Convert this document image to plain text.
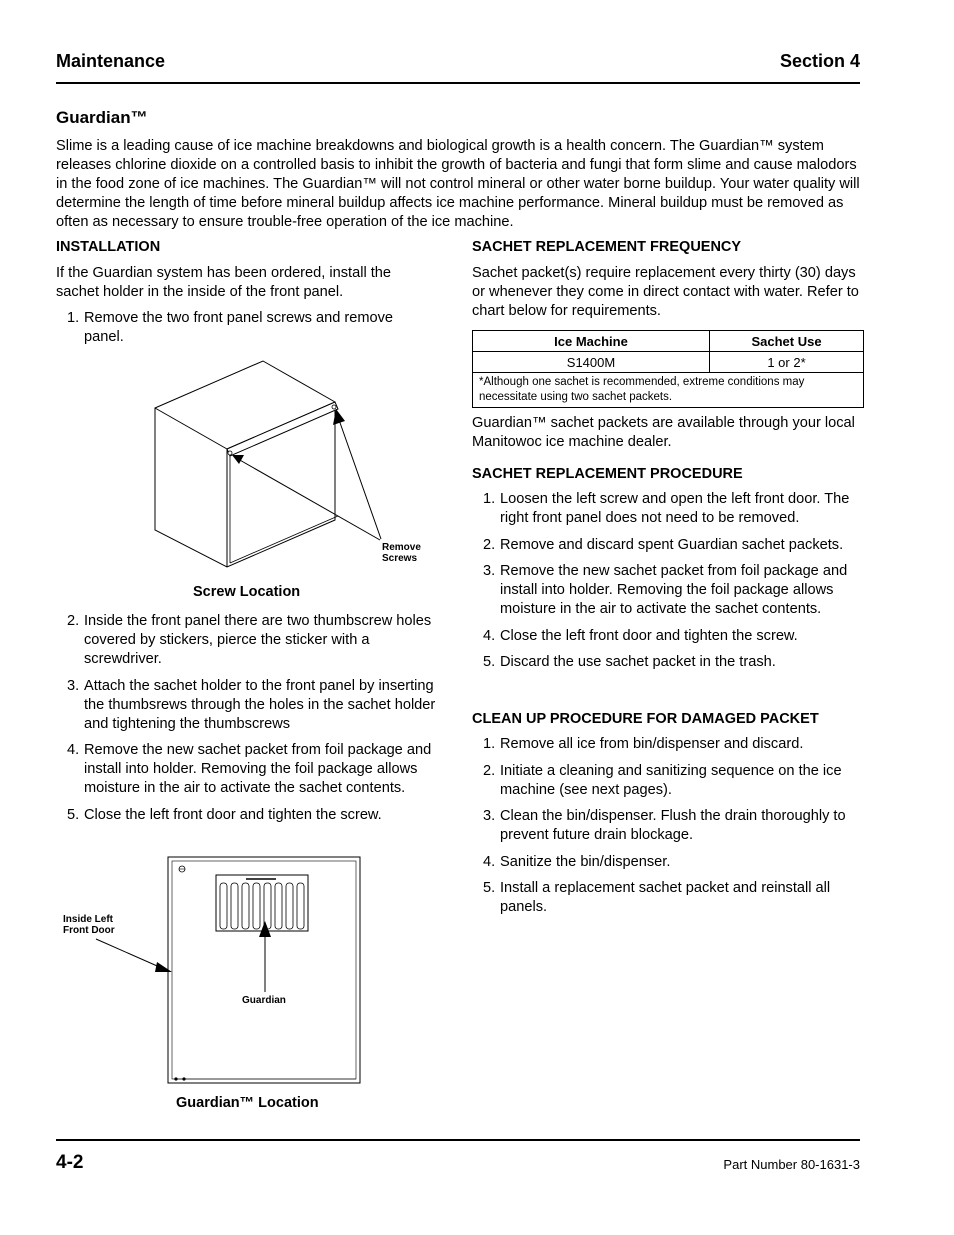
Maintenance	Section 4
Guardian™
Slime is a leading cause of ice machine breakdowns and biological growth is a health concern. The Guardian™ system releases chlorine dioxide on a controlled basis to inhibit the growth of bacteria and fungi that form slime and cause malodors in the food zone of ice machines. The Guardian™ will not control mineral or other water borne buildup. Your water quality will determine the length of time before mineral buildup affects ice machine performance. Mineral buildup must be removed as often as necessary to ensure trouble-free operation of the ice machine.
INSTALLATION
If the Guardian system has been ordered, install the sachet holder in the inside of the front panel.
1. Remove the two front panel screws and remove panel.
Remove Screws
Screw Location
2. Inside the front panel there are two thumbscrew holes covered by stickers, pierce the sticker with a screwdriver.
3. Attach the sachet holder to the front panel by inserting the thumbsrews through the holes in the sachet holder and tightening the thumbscrews
4. Remove the new sachet packet from foil package and install into holder. Removing the foil package allows moisture in the air to activate the sachet contents.
5. Close the left front door and tighten the screw.
Inside Left Front Door
Guardian
Guardian™ Location
SACHET REPLACEMENT FREQUENCY
Sachet packet(s) require replacement every thirty (30) days or whenever they come in direct contact with water. Refer to chart below for requirements.
Ice Machine	Sachet Use
S1400M	1 or 2*
*Although one sachet is recommended, extreme conditions may necessitate using two sachet packets.	
Guardian™ sachet packets are available through your local Manitowoc ice machine dealer.
SACHET REPLACEMENT PROCEDURE
1. Loosen the left screw and open the left front door. The right front panel does not need to be removed.
2. Remove and discard spent Guardian sachet packets.
3. Remove the new sachet packet from foil package and install into holder. Removing the foil package allows moisture in the air to activate the sachet contents.
4. Close the left front door and tighten the screw.
5. Discard the use sachet packet in the trash.
CLEAN UP PROCEDURE FOR DAMAGED PACKET
1. Remove all ice from bin/dispenser and discard.
2. Initiate a cleaning and sanitizing sequence on the ice machine (see next pages).
3. Clean the bin/dispenser. Flush the drain thoroughly to prevent future drain blockage.
4. Sanitize the bin/dispenser.
5. Install a replacement sachet packet and reinstall all panels.
4-2	Part Number 80-1631-3
